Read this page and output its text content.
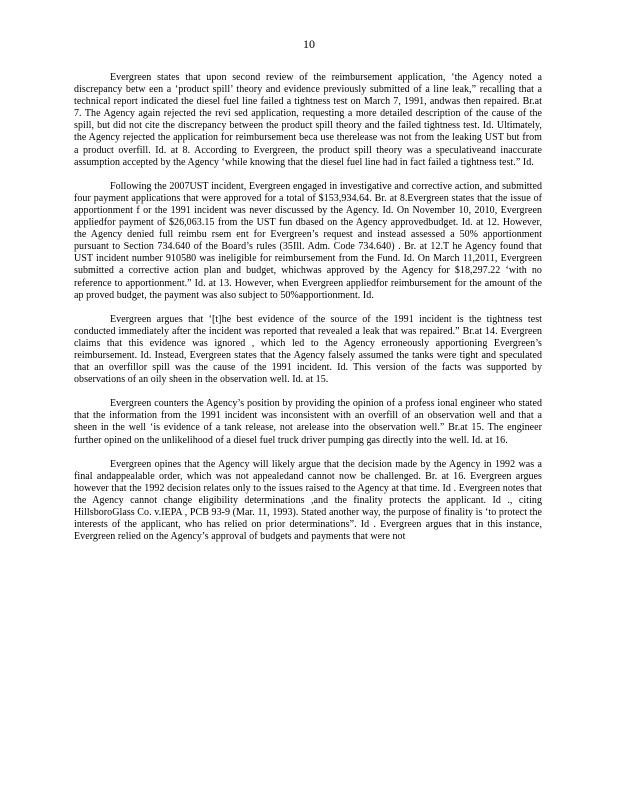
10

Evergreen states that upon second review of the reimbursement application, ‘the Agency noted a discrepancy betw een a ‘product spill’ theory and evidence previously submitted of a line leak,” recalling that a technical report indicated the diesel fuel line failed a tightness test on March 7, 1991, andwas then repaired. Br.at 7. The Agency again rejected the revi sed application, requesting a more detailed description of the cause of the spill, but did not cite the discrepancy between the product spill theory and the failed tightness test. Id. Ultimately, the Agency rejected the application for reimbursement beca use therelease was not from the leaking UST but from a product overfill. Id. at 8. According to Evergreen, the product spill theory was a speculativeand inaccurate assumption accepted by the Agency ‘while knowing that the diesel fuel line had in fact failed a tightness test.” Id.

Following the 2007UST incident, Evergreen engaged in investigative and corrective action, and submitted four payment applications that were approved for a total of $153,934.64. Br. at 8.Evergreen states that the issue of apportionment f or the 1991 incident was never discussed by the Agency. Id. On November 10, 2010, Evergreen appliedfor payment of $26,063.15 from the UST fun dbased on the Agency approvedbudget. Id. at 12. However, the Agency denied full reimbu rsem ent for Evergreen’s request and instead assessed a 50% apportionment pursuant to Section 734.640 of the Board’s rules (35Ill. Adm. Code 734.640) . Br. at 12.T he Agency found that UST incident number 910580 was ineligible for reimbursement from the Fund. Id. On March 11,2011, Evergreen submitted a corrective action plan and budget, whichwas approved by the Agency for $18,297.22 ‘with no reference to apportionment.” Id. at 13. However, when Evergreen appliedfor reimbursement for the amount of the ap proved budget, the payment was also subject to 50%apportionment. Id.

Evergreen argues that ‘[t]he best evidence of the source of the 1991 incident is the tightness test conducted immediately after the incident was reported that revealed a leak that was repaired.” Br.at 14. Evergreen claims that this evidence was ignored , which led to the Agency erroneously apportioning Evergreen’s reimbursement. Id. Instead, Evergreen states that the Agency falsely assumed the tanks were tight and speculated that an overfillor spill was the cause of the 1991 incident. Id. This version of the facts was supported by observations of an oily sheen in the observation well. Id. at 15.

Evergreen counters the Agency’s position by providing the opinion of a profess ional engineer who stated that the information from the 1991 incident was inconsistent with an overfill of an observation well and that a sheen in the well ‘is evidence of a tank release, not arelease into the observation well.” Br.at 15. The engineer further opined on the unlikelihood of a diesel fuel truck driver pumping gas directly into the well. Id. at 16.

Evergreen opines that the Agency will likely argue that the decision made by the Agency in 1992 was a final andappealable order, which was not appealedand cannot now be challenged. Br. at 16. Evergreen argues however that the 1992 decision relates only to the issues raised to the Agency at that time. Id . Evergreen notes that the Agency cannot change eligibility determinations ,and the finality protects the applicant. Id ., citing HillsboroGlass Co. v.IEPA , PCB 93-9 (Mar. 11, 1993). Stated another way, the purpose of finality is ‘to protect the interests of the applicant, who has relied on prior determinations”. Id . Evergreen argues that in this instance, Evergreen relied on the Agency’s approval of budgets and payments that were not
